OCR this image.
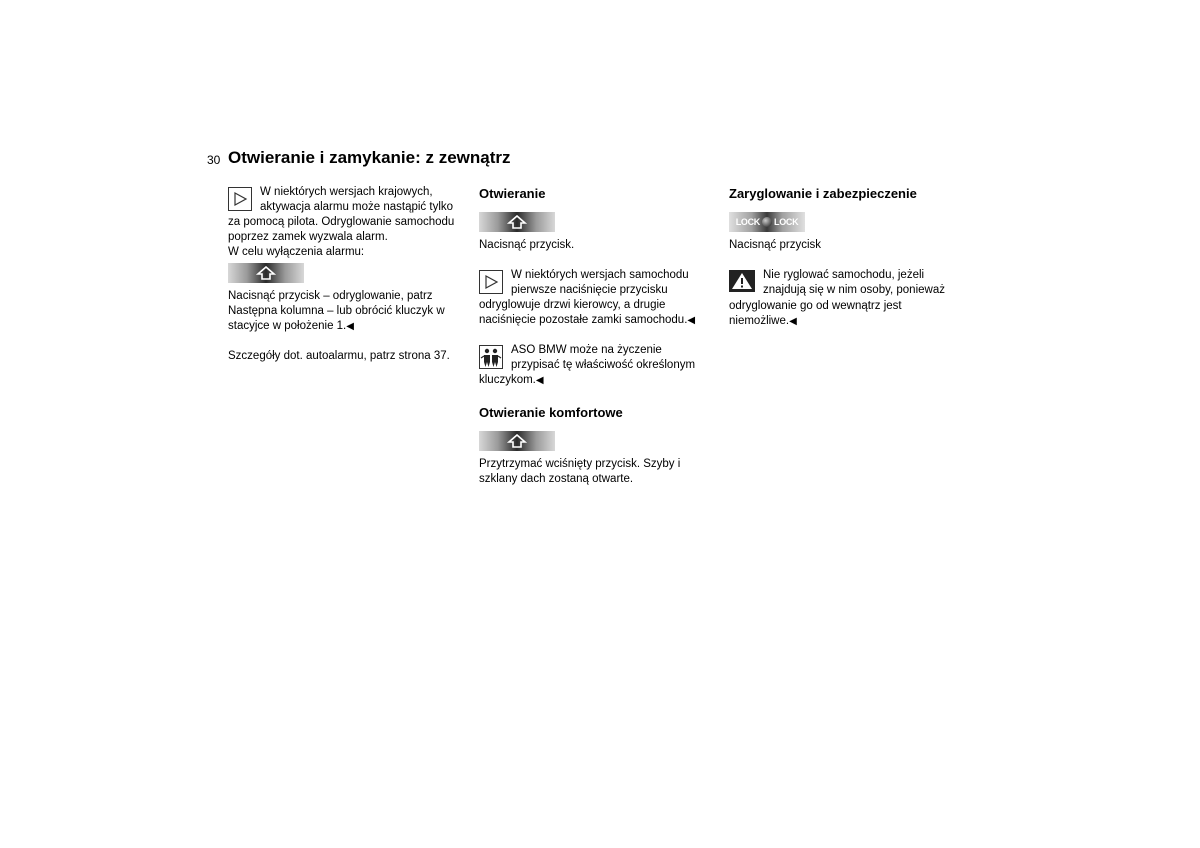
30 Otwieranie i zamykanie: z zewnątrz

W niektórych wersjach krajowych,

aktywacja alarmu może nastąpić tylko

za pomocą pilota. Odryglowanie samochodu poprzez zamek wyzwala alarm.

W celu wyłączenia alarmu:

Nacisnąć przycisk – odryglowanie, patrz Następna kolumna – lub obrócić kluczyk w stacyjce w położenie 1.◀

Szczegóły dot. autoalarmu, patrz strona 37.

Otwieranie

Nacisnąć przycisk.

W niektórych wersjach samochodu

pierwsze naciśnięcie przycisku

odryglowuje drzwi kierowcy, a drugie naciśnięcie pozostałe zamki samochodu.◀

ASO BMW może na życzenie

przypisać tę właściwość określonym

kluczykom.◀

Otwieranie komfortowe

Przytrzymać wciśnięty przycisk. Szyby i szklany dach zostaną otwarte.

Zaryglowanie i zabezpieczenie
LOCK LOCK

Nacisnąć przycisk

Nie ryglować samochodu, jeżeli

znajdują się w nim osoby, ponieważ

odryglowanie go od wewnątrz jest niemożliwe.◀
